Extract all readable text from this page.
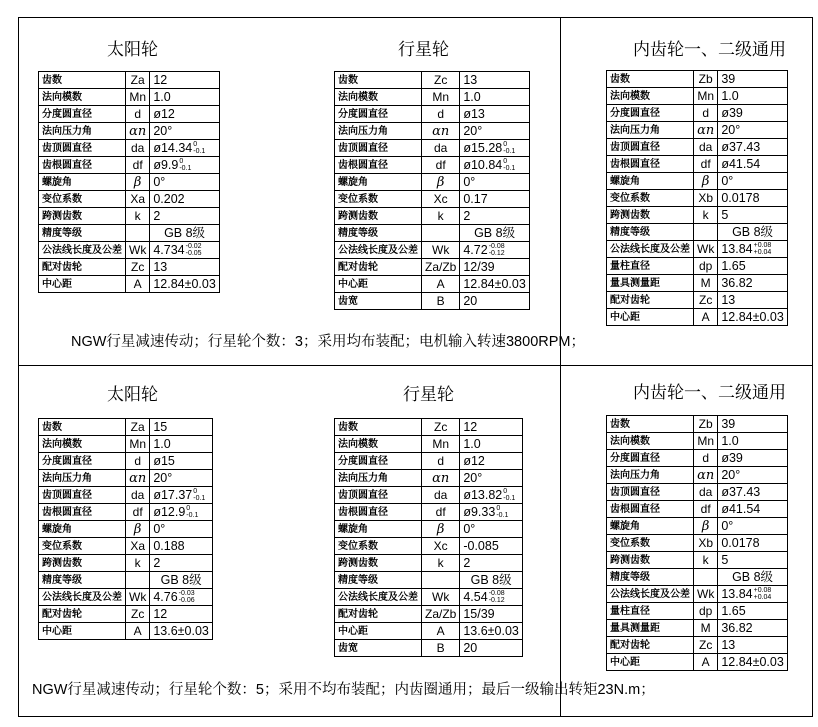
太阳轮	行星轮	内齿轮一、二级通用
太阳轮	行星轮	内齿轮一、二级通用
齿数	Za	12
法向模数	Mn	1.0
分度圆直径	d	ø12
法向压力角	αn	20°
齿顶圆直径	da	ø14.34 0
-0.1

齿根圆直径	df	ø9.9 0
-0.1

螺旋角	β	0°
变位系数	Xa	0.202
跨测齿数	k	2
精度等级		GB 8级
公法线长度及公差	Wk	4.734 -0.02
-0.05

配对齿轮	Zc	13
中心距	A	12.84±0.03
齿数	Zc	13
法向模数	Mn	1.0
分度圆直径	d	ø13
法向压力角	αn	20°
齿顶圆直径	da	ø15.28 0
-0.1

齿根圆直径	df	ø10.84 0
-0.1

螺旋角	β	0°
变位系数	Xc	0.17
跨测齿数	k	2
精度等级		GB 8级
公法线长度及公差	Wk	4.72 -0.08
-0.12

配对齿轮	Za/Zb	12/39
中心距	A	12.84±0.03
齿宽	B	20
齿数	Zb	39
法向模数	Mn	1.0
分度圆直径	d	ø39
法向压力角	αn	20°
齿顶圆直径	da	ø37.43
齿根圆直径	df	ø41.54
螺旋角	β	0°
变位系数	Xb	0.0178
跨测齿数	k	5
精度等级		GB 8级
公法线长度及公差	Wk	13.84 +0.08
+0.04

量柱直径	dp	1.65
量具测量距	M	36.82
配对齿轮	Zc	13
中心距	A	12.84±0.03
齿数	Za	15
法向模数	Mn	1.0
分度圆直径	d	ø15
法向压力角	αn	20°
齿顶圆直径	da	ø17.37 0
-0.1

齿根圆直径	df	ø12.9 0
-0.1

螺旋角	β	0°
变位系数	Xa	0.188
跨测齿数	k	2
精度等级		GB 8级
公法线长度及公差	Wk	4.76 -0.03
-0.06

配对齿轮	Zc	12
中心距	A	13.6±0.03
齿数	Zc	12
法向模数	Mn	1.0
分度圆直径	d	ø12
法向压力角	αn	20°
齿顶圆直径	da	ø13.82 0
-0.1

齿根圆直径	df	ø9.33 0
-0.1

螺旋角	β	0°
变位系数	Xc	-0.085
跨测齿数	k	2
精度等级		GB 8级
公法线长度及公差	Wk	4.54 -0.08
-0.12

配对齿轮	Za/Zb	15/39
中心距	A	13.6±0.03
齿宽	B	20
齿数	Zb	39
法向模数	Mn	1.0
分度圆直径	d	ø39
法向压力角	αn	20°
齿顶圆直径	da	ø37.43
齿根圆直径	df	ø41.54
螺旋角	β	0°
变位系数	Xb	0.0178
跨测齿数	k	5
精度等级		GB 8级
公法线长度及公差	Wk	13.84 +0.08
+0.04

量柱直径	dp	1.65
量具测量距	M	36.82
配对齿轮	Zc	13
中心距	A	12.84±0.03
NGW行星减速传动；行星轮个数：3；采用均布装配；电机输入转速3800RPM；
NGW行星减速传动；行星轮个数：5；采用不均布装配；内齿圈通用；最后一级输出转矩23N.m；
